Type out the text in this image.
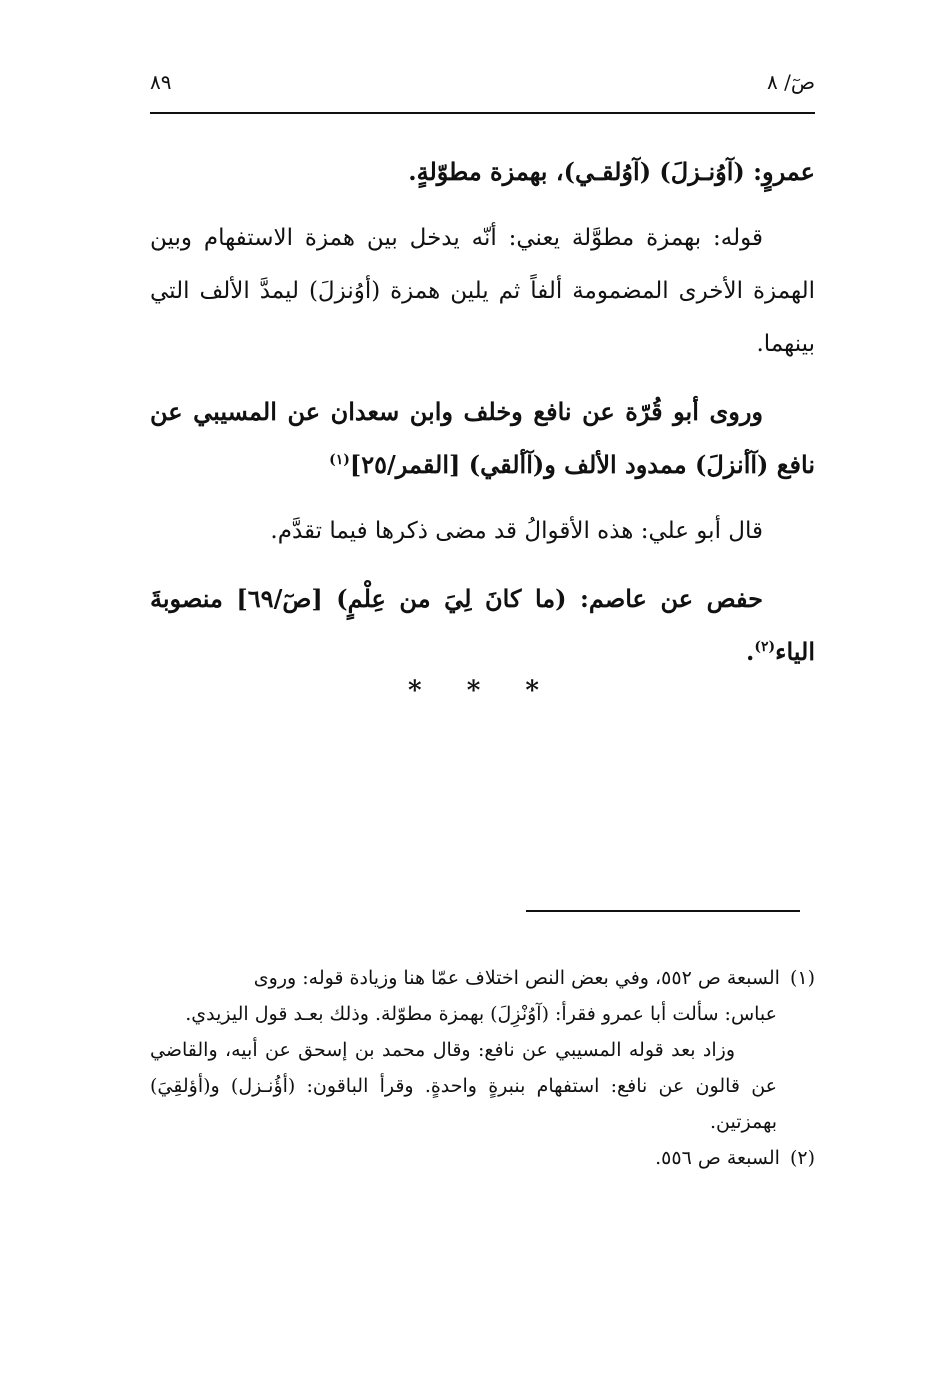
صٓ/ ٨
٨٩

عمروٍ: (آوُنـزلَ) (آوُلقـي)، بهمزة مطوّلةٍ.

قوله: بهمزة مطوَّلة يعني: أنّه يدخل بين همزة الاستفهام وبين الهمزة الأخرى المضمومة ألفاً ثم يلين همزة (أوُنزلَ) ليمدَّ الألف التي بينهما.

وروى أبو قُرّة عن نافع وخلف وابن سعدان عن المسيبي عن نافع (آأنزلَ) ممدود الألف و(آألقي) [القمر/٢٥]$^{(١)}$

قال أبو علي: هذه الأقوالُ قد مضى ذكرها فيما تقدَّم.

حفص عن عاصم: (ما كانَ لِيَ من عِلْمٍ) [صٓ/٦٩] منصوبةَ الياء$^{(٢)}$.

* * *

(١)السبعة ص ٥٥٢، وفي بعض النص اختلاف عمّا هنا وزيادة قوله: وروى

عباس: سألت أبا عمرو فقرأ: (آوُنْزِلَ) بهمزة مطوّلة. وذلك بعـد قول اليزيدي.

وزاد بعد قوله المسيبي عن نافع: وقال محمد بن إسحق عن أبيه، والقاضي عن قالون عن نافع: استفهام بنبرةٍ واحدةٍ. وقرأ الباقون: (أؤُنـزل) و(أؤلقِيَ) بهمزتين.

(٢)السبعة ص ٥٥٦.
